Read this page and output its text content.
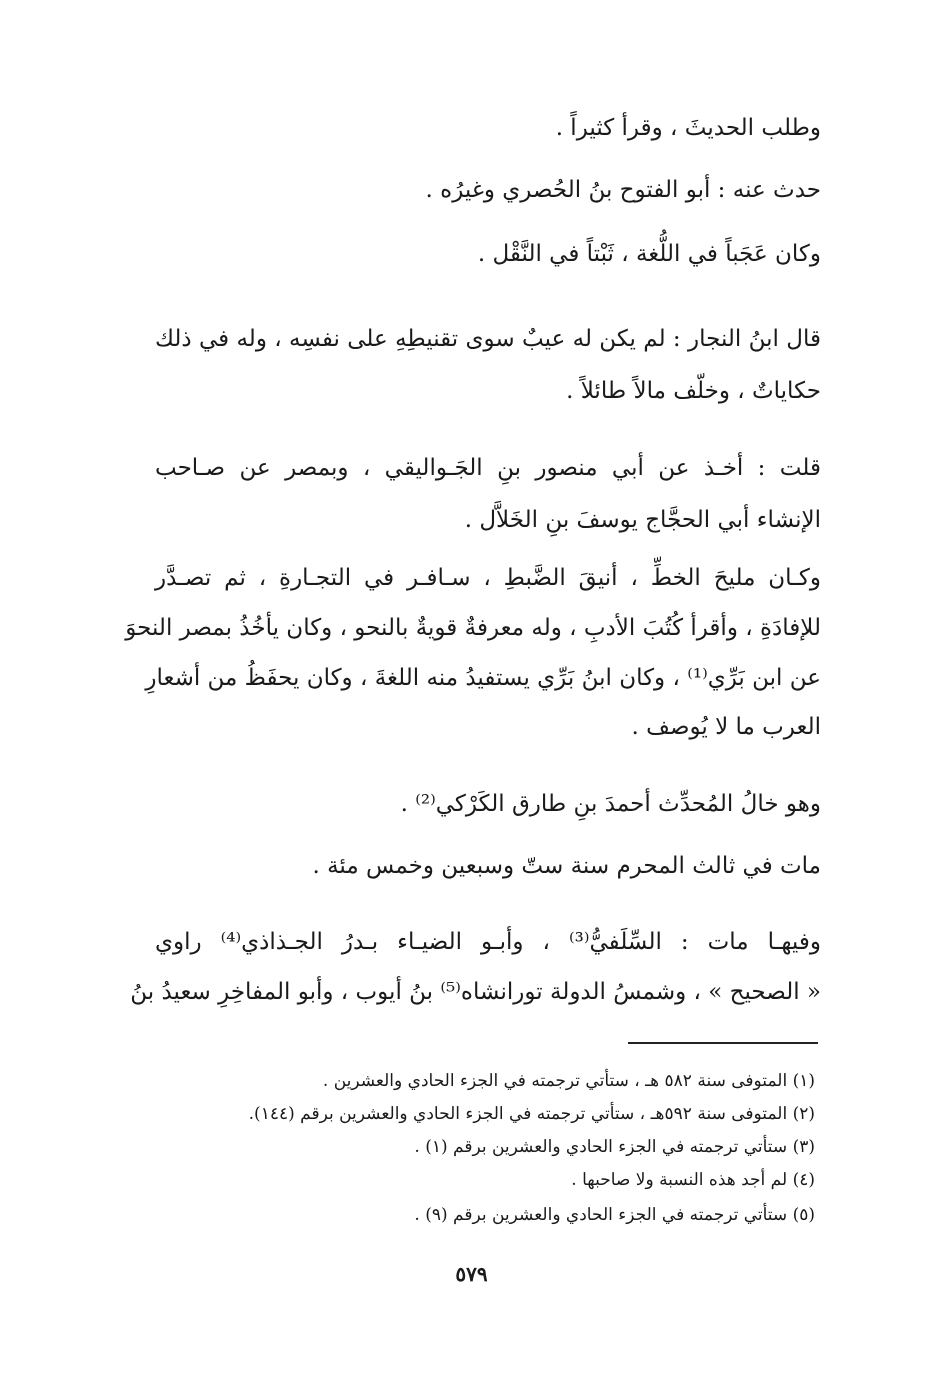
وطلب الحديثَ ، وقرأ كثيراً .
حدث عنه : أبو الفتوح بنُ الحُصري وغيرُه .
وكان عَجَباً في اللُّغة ، ثَبْتاً في النَّقْل .
قال ابنُ النجار : لم يكن له عيبٌ سوى تقنيطِهِ على نفسِه ، وله في ذلك
حكاياتٌ ، وخلّف مالاً طائلاً .
قلت : أخـذ عن أبي منصور بنِ الجَـواليقي ، وبمصر عن صـاحب
الإنشاء أبي الحجَّاج يوسفَ بنِ الخَلاَّل .
وكـان مليحَ الخطِّ ، أنيقَ الضَّبطِ ، سـافـر في التجـارةِ ، ثم تصـدَّر
للإفادَةِ ، وأقرأ كُتُبَ الأدبِ ، وله معرفةٌ قويةٌ بالنحو ، وكان يأخُذُ بمصر النحوَ
عن ابن بَرِّي⁽¹⁾ ، وكان ابنُ بَرِّي يستفيدُ منه اللغةَ ، وكان يحفَظُ من أشعارِ
العرب ما لا يُوصف .
وهو خالُ المُحدِّث أحمدَ بنِ طارق الكَرْكي⁽²⁾ .
مات في ثالث المحرم سنة ستّ وسبعين وخمس مئة .
وفيهـا مات : السِّلَفيُّ⁽³⁾ ، وأبـو الضيـاء بـدرُ الجـذاذي⁽⁴⁾ راوي
« الصحيح » ، وشمسُ الدولة تورانشاه⁽⁵⁾ بنُ أيوب ، وأبو المفاخِرِ سعيدُ بنُ
(١) المتوفى سنة ٥٨٢ هـ ، ستأتي ترجمته في الجزء الحادي والعشرين .
(٢) المتوفى سنة ٥٩٢هـ ، ستأتي ترجمته في الجزء الحادي والعشرين برقم (١٤٤).
(٣) ستأتي ترجمته في الجزء الحادي والعشرين برقم (١) .
(٤) لم أجد هذه النسبة ولا صاحبها .
(٥) ستأتي ترجمته في الجزء الحادي والعشرين برقم (٩) .
٥٧٩
